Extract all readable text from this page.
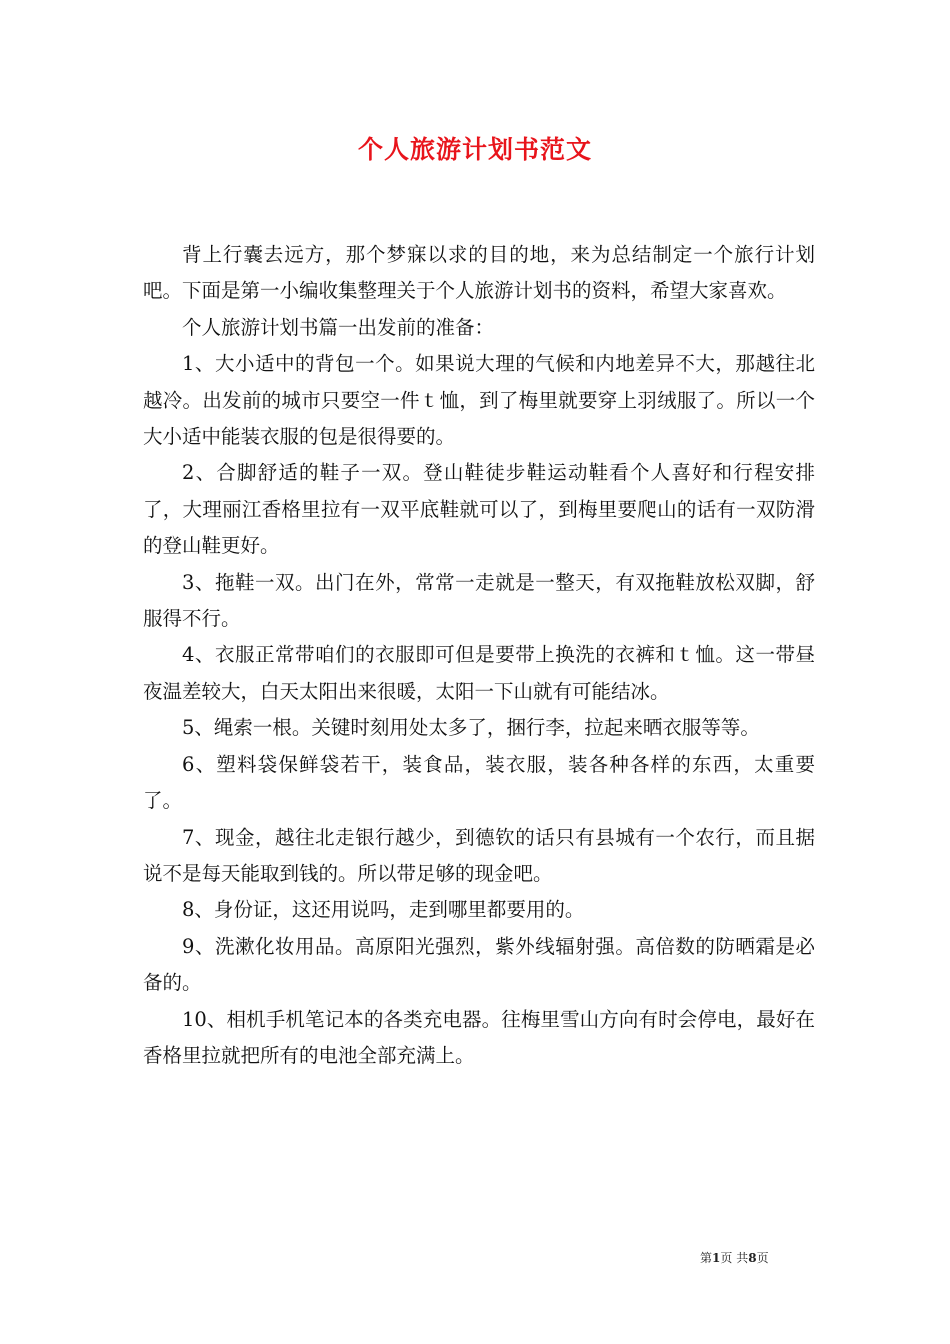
个人旅游计划书范文

背上行囊去远方，那个梦寐以求的目的地，来为总结制定一个旅行计划吧。下面是第一小编收集整理关于个人旅游计划书的资料，希望大家喜欢。

个人旅游计划书篇一出发前的准备：

1、大小适中的背包一个。如果说大理的气候和内地差异不大，那越往北越冷。出发前的城市只要空一件ｔ恤，到了梅里就要穿上羽绒服了。所以一个大小适中能装衣服的包是很得要的。

2、合脚舒适的鞋子一双。登山鞋徒步鞋运动鞋看个人喜好和行程安排了，大理丽江香格里拉有一双平底鞋就可以了，到梅里要爬山的话有一双防滑的登山鞋更好。

3、拖鞋一双。出门在外，常常一走就是一整天，有双拖鞋放松双脚，舒服得不行。

4、衣服正常带咱们的衣服即可但是要带上换洗的衣裤和ｔ恤。这一带昼夜温差较大，白天太阳出来很暖，太阳一下山就有可能结冰。

5、绳索一根。关键时刻用处太多了，捆行李，拉起来晒衣服等等。

6、塑料袋保鲜袋若干，装食品，装衣服，装各种各样的东西，太重要了。

7、现金，越往北走银行越少，到德钦的话只有县城有一个农行，而且据说不是每天能取到钱的。所以带足够的现金吧。

8、身份证，这还用说吗，走到哪里都要用的。

9、洗漱化妆用品。高原阳光强烈，紫外线辐射强。高倍数的防晒霜是必备的。

10、相机手机笔记本的各类充电器。往梅里雪山方向有时会停电，最好在香格里拉就把所有的电池全部充满上。

第1页 共8页
